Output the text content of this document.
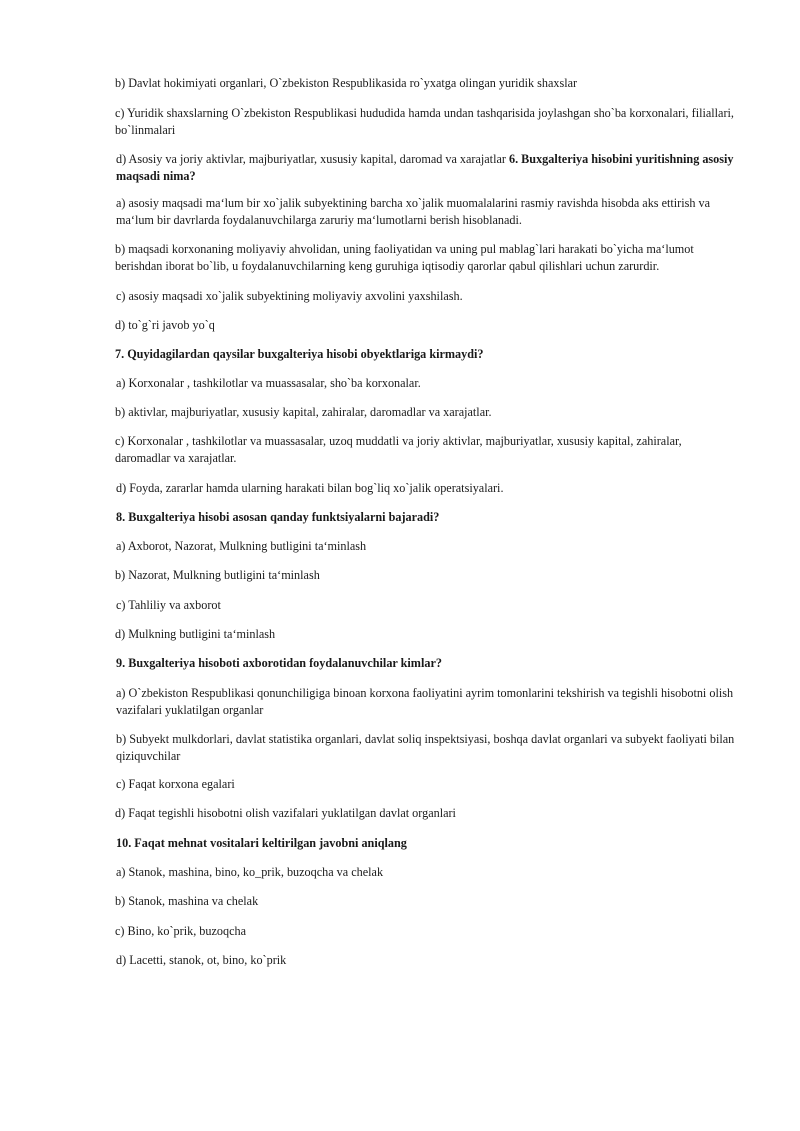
b) Davlat hokimiyati organlari, O`zbekiston Respublikasida ro`yxatga olingan yuridik shaxslar

c) Yuridik shaxslarning O`zbekiston Respublikasi hududida hamda undan tashqarisida joylashgan sho`ba korxonalari, filiallari, bo`linmalari

d) Asosiy va joriy aktivlar, majburiyatlar, xususiy kapital, daromad va xarajatlar 6. Buxgalteriya hisobini yuritishning asosiy maqsadi nima?

a) asosiy maqsadi ma‘lum bir xo`jalik subyektining barcha xo`jalik muomalalarini rasmiy ravishda hisobda aks ettirish va ma‘lum bir davrlarda foydalanuvchilarga zaruriy ma‘lumotlarni berish hisoblanadi.

b) maqsadi korxonaning moliyaviy ahvolidan, uning faoliyatidan va uning pul mablag`lari harakati bo`yicha ma‘lumot berishdan iborat bo`lib, u foydalanuvchilarning keng guruhiga iqtisodiy qarorlar qabul qilishlari uchun zarurdir.

c) asosiy maqsadi xo`jalik subyektining moliyaviy axvolini yaxshilash.

d) to`g`ri javob yo`q

7. Quyidagilardan qaysilar buxgalteriya hisobi obyektlariga kirmaydi?

a) Korxonalar , tashkilotlar va muassasalar, sho`ba korxonalar.

b) aktivlar, majburiyatlar, xususiy kapital, zahiralar, daromadlar va xarajatlar.

c) Korxonalar , tashkilotlar va muassasalar, uzoq muddatli va joriy aktivlar, majburiyatlar, xususiy kapital, zahiralar, daromadlar va xarajatlar.

d) Foyda, zararlar hamda ularning harakati bilan bog`liq xo`jalik operatsiyalari.

8. Buxgalteriya hisobi asosan qanday funktsiyalarni bajaradi?

a) Axborot, Nazorat, Mulkning butligini ta‘minlash

b) Nazorat, Mulkning butligini ta‘minlash

c) Tahliliy va axborot

d) Mulkning butligini ta‘minlash

9. Buxgalteriya hisoboti axborotidan foydalanuvchilar kimlar?

a) O`zbekiston Respublikasi qonunchiligiga binoan korxona faoliyatini ayrim tomonlarini tekshirish va tegishli hisobotni olish vazifalari yuklatilgan organlar

b) Subyekt mulkdorlari, davlat statistika organlari, davlat soliq inspektsiyasi, boshqa davlat organlari va subyekt faoliyati bilan qiziquvchilar

c) Faqat korxona egalari

d) Faqat tegishli hisobotni olish vazifalari yuklatilgan davlat organlari

10. Faqat mehnat vositalari keltirilgan javobni aniqlang

a) Stanok, mashina, bino, ko_prik, buzoqcha va chelak

b) Stanok, mashina va chelak

c) Bino, ko`prik, buzoqcha

d) Lacetti, stanok, ot, bino, ko`prik
